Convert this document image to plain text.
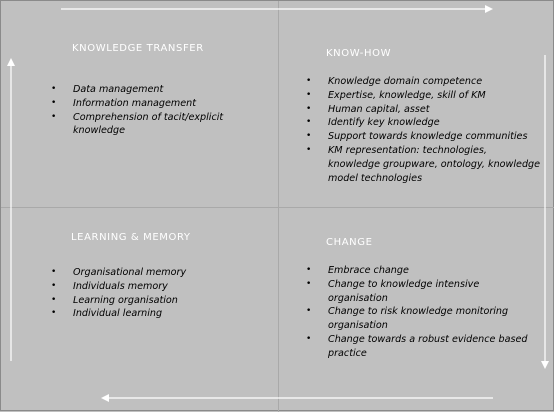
KNOWLEDGE TRANSFER
• Data management
• Information management
• Comprehension of tacit/explicit knowledge
KNOW-HOW
• Knowledge domain competence
• Expertise, knowledge, skill of KM
• Human capital, asset
• Identify key knowledge
• Support towards knowledge communities
• KM representation: technologies, knowledge groupware, ontology, knowledge model technologies
LEARNING & MEMORY
• Organisational memory
• Individuals memory
• Learning organisation
• Individual learning
CHANGE
• Embrace change
• Change to knowledge intensive organisation
• Change to risk knowledge monitoring organisation
• Change towards a robust evidence based practice
